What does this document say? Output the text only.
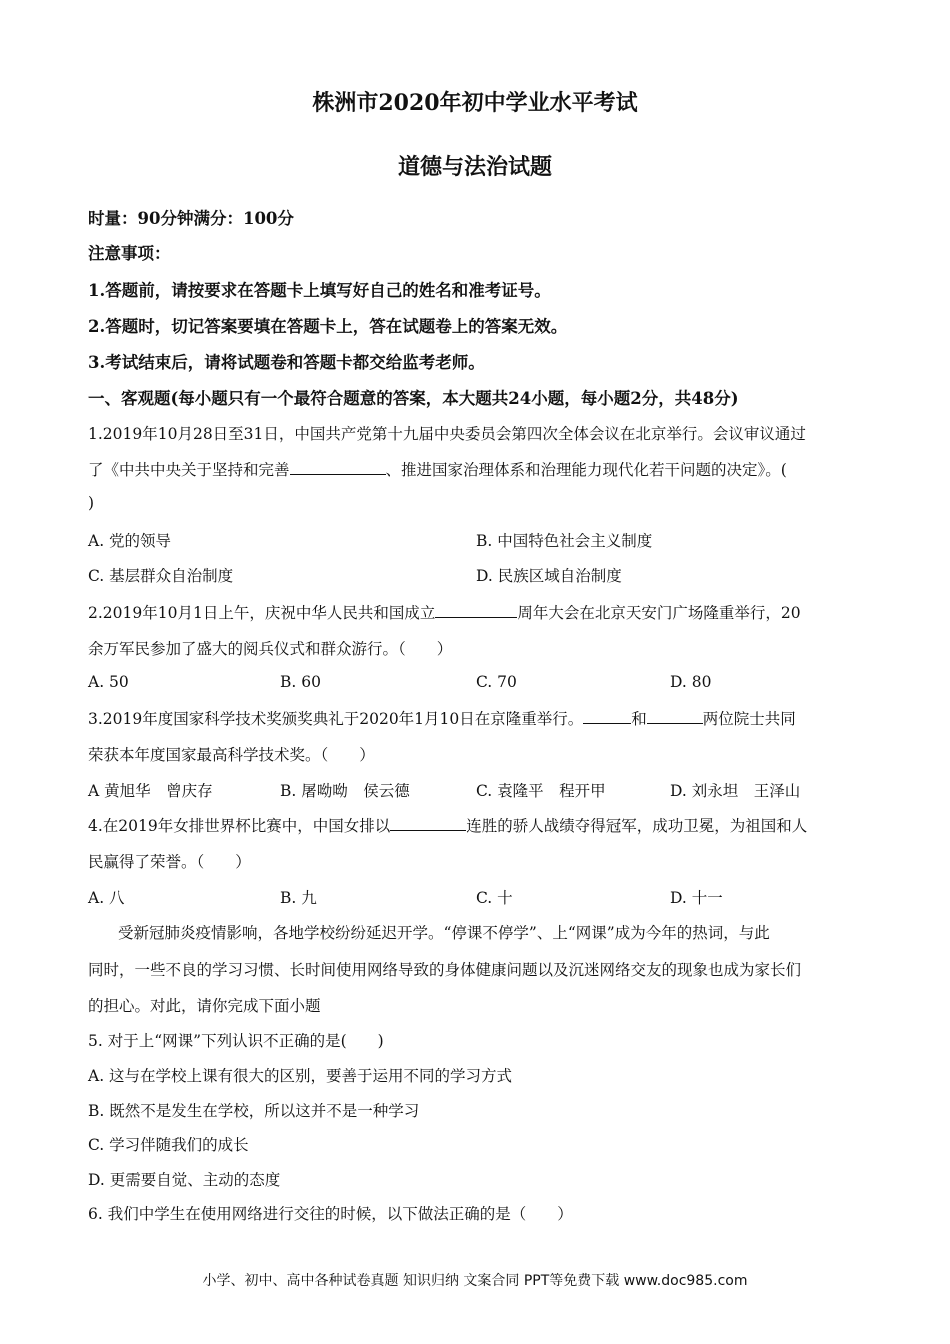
株洲市2020年初中学业水平考试
道德与法治试题
时量：90分钟满分：100分
注意事项：
1.答题前，请按要求在答题卡上填写好自己的姓名和准考证号。
2.答题时，切记答案要填在答题卡上，答在试题卷上的答案无效。
3.考试结束后，请将试题卷和答题卡都交给监考老师。
一、客观题(每小题只有一个最符合题意的答案，本大题共24小题，每小题2分，共48分)
1.2019年10月28日至31日，中国共产党第十九届中央委员会第四次全体会议在北京举行。会议审议通过
了《中共中央关于坚持和完善	、推进国家治理体系和治理能力现代化若干问题的决定》。(
)
A. 党的领导	B. 中国特色社会主义制度
C. 基层群众自治制度	D. 民族区域自治制度
2.2019年10月1日上午，庆祝中华人民共和国成立	周年大会在北京天安门广场隆重举行，20
余万军民参加了盛大的阅兵仪式和群众游行。（　　）
A. 50	B. 60	C. 70	D. 80
3.2019年度国家科学技术奖颁奖典礼于2020年1月10日在京隆重举行。	和	两位院士共同
荣获本年度国家最高科学技术奖。（　　）
A 黄旭华　曾庆存	B. 屠呦呦　侯云德	C. 袁隆平　程开甲	D. 刘永坦　王泽山
4.在2019年女排世界杯比赛中，中国女排以	连胜的骄人战绩夺得冠军，成功卫冕，为祖国和人
民赢得了荣誉。（　　）
A. 八	B. 九	C. 十	D. 十一
受新冠肺炎疫情影响，各地学校纷纷延迟开学。“停课不停学”、上“网课”成为今年的热词，与此
同时，一些不良的学习习惯、长时间使用网络导致的身体健康问题以及沉迷网络交友的现象也成为家长们
的担心。对此，请你完成下面小题
5. 对于上“网课”下列认识不正确的是(　　)
A. 这与在学校上课有很大的区别，要善于运用不同的学习方式
B. 既然不是发生在学校，所以这并不是一种学习
C. 学习伴随我们的成长
D. 更需要自觉、主动的态度
6. 我们中学生在使用网络进行交往的时候，以下做法正确的是（　　）
小学、初中、高中各种试卷真题 知识归纳 文案合同 PPT等免费下载 www.doc985.com
